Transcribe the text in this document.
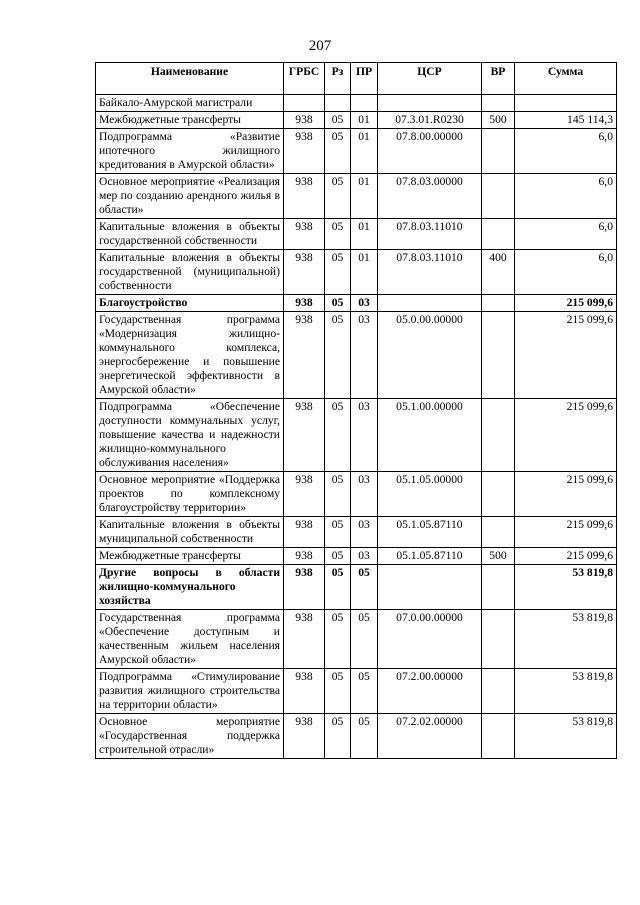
207
Наименование	ГРБС	Рз	ПР	ЦСР	ВР	Сумма
Байкало-Амурской магистрали						
Межбюджетные трансферты	938	05	01	07.3.01.R0230	500	145 114,3
Подпрограмма «Развитие ипотечного жилищного кредитования в Амурской области»	938	05	01	07.8.00.00000		6,0
Основное мероприятие «Реализация мер по созданию арендного жилья в области»	938	05	01	07.8.03.00000		6,0
Капитальные вложения в объекты государственной собственности	938	05	01	07.8.03.11010		6,0
Капитальные вложения в объекты государственной (муниципальной) собственности	938	05	01	07.8.03.11010	400	6,0
Благоустройство	938	05	03			215 099,6
Государственная программа «Модернизация жилищно-коммунального комплекса, энергосбережение и повышение энергетической эффективности в Амурской области»	938	05	03	05.0.00.00000		215 099,6
Подпрограмма «Обеспечение доступности коммунальных услуг, повышение качества и надежности жилищно-коммунального обслуживания населения»	938	05	03	05.1.00.00000		215 099,6
Основное мероприятие «Поддержка проектов по комплексному благоустройству территории»	938	05	03	05.1.05.00000		215 099,6
Капитальные вложения в объекты муниципальной собственности	938	05	03	05.1.05.87110		215 099,6
Межбюджетные трансферты	938	05	03	05.1.05.87110	500	215 099,6
Другие вопросы в области жилищно-коммунального хозяйства	938	05	05			53 819,8
Государственная программа «Обеспечение доступным и качественным жильем населения Амурской области»	938	05	05	07.0.00.00000		53 819,8
Подпрограмма «Стимулирование развития жилищного строительства на территории области»	938	05	05	07.2.00.00000		53 819,8
Основное мероприятие «Государственная поддержка строительной отрасли»	938	05	05	07.2.02.00000		53 819,8
